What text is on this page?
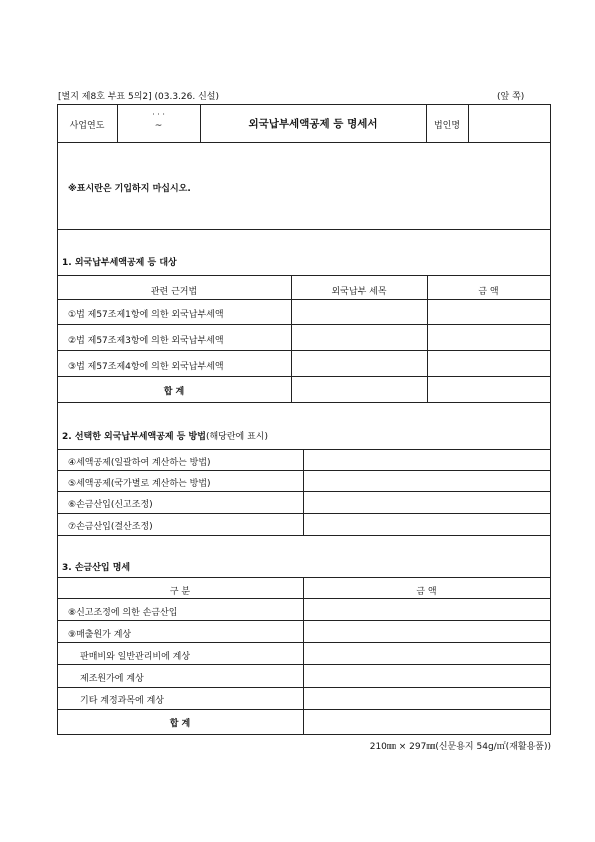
[별지 제8호 부표 5의2] (03.3.26. 신설)	(앞 쪽)
사업연도
· · ·
~	외국납부세액공제 등 명세서	법인명
※표시란은 기입하지 마십시오.
1. 외국납부세액공제 등 대상
관련 근거법	외국납부 세목	금 액
①법 제57조제1항에 의한 외국납부세액
②법 제57조제3항에 의한 외국납부세액
③법 제57조제4항에 의한 외국납부세액
합 계
2. 선택한 외국납부세액공제 등 방법(해당란에 표시)
④세액공제(일괄하여 계산하는 방법)
⑤세액공제(국가별로 계산하는 방법)
⑥손금산입(신고조정)
⑦손금산입(결산조정)
3. 손금산입 명세
구 분	금 액
⑧신고조정에 의한 손금산입
⑨매출원가 계상
판매비와 일반관리비에 계상
제조원가에 계상
기타 계정과목에 계상
합 계
210㎜ × 297㎜(신문용지 54g/㎡(재활용품))
